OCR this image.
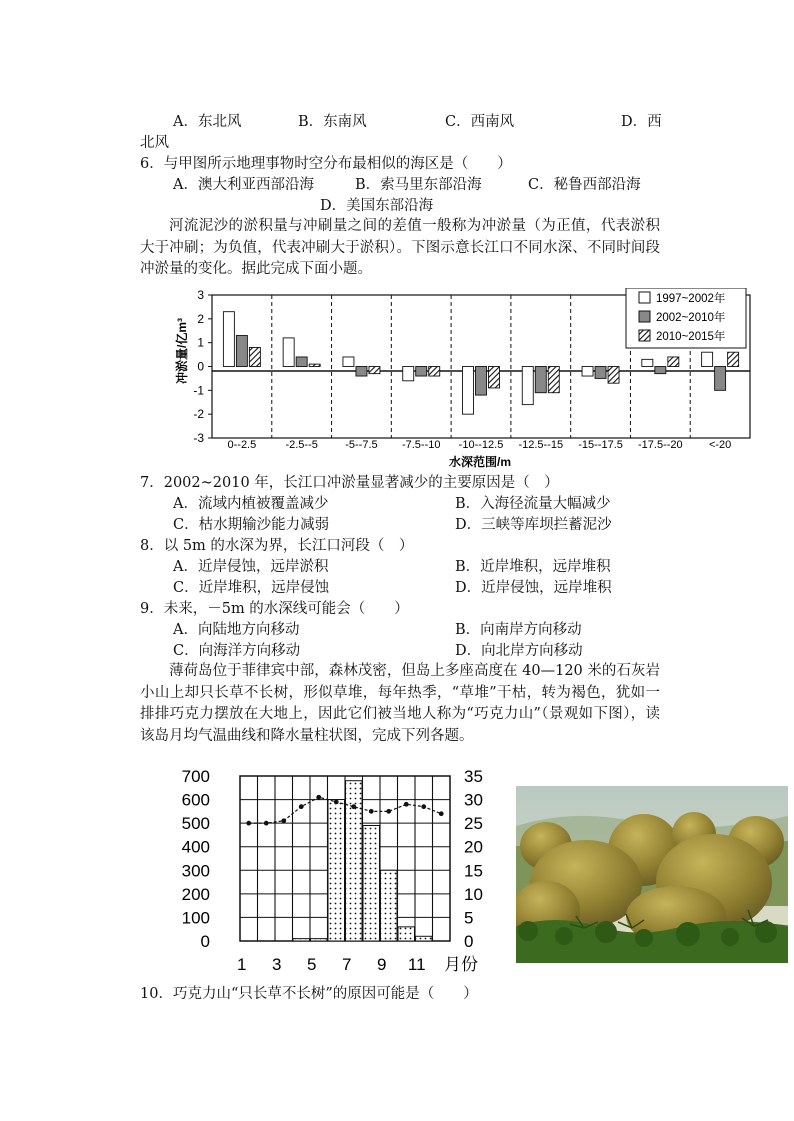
A．东北风	B．东南风	C．西南风	D．西
北风
6．与甲图所示地理事物时空分布最相似的海区是（　　）
A．澳大利亚西部沿海	B．索马里东部沿海	C．秘鲁西部沿海
D．美国东部沿海
河流泥沙的淤积量与冲刷量之间的差值一般称为冲淤量（为正值，代表淤积大于冲刷；为负值，代表冲刷大于淤积）。下图示意长江口不同水深、不同时间段冲淤量的变化。据此完成下面小题。
冲淤量/亿m³
3
2
1
0
-1
-2
-3 0--2.5	-2.5--5 -5--7.5 -7.5--10 -10--12.5 -12.5--15 -15--17.5 -17.5--20 <-20
1997~2002年
2002~2010年
2010~2015年
水深范围/m
7．2002~2010 年，长江口冲淤量显著减少的主要原因是（　）
A．流域内植被覆盖减少	B．入海径流量大幅减少
C．枯水期输沙能力减弱	D．三峡等库坝拦蓄泥沙
8．以 5m 的水深为界，长江口河段（　）
A．近岸侵蚀，远岸淤积	B．近岸堆积，远岸堆积
C．近岸堆积，远岸侵蚀	D．近岸侵蚀，远岸堆积
9．未来，－5m 的水深线可能会（　　）
A．向陆地方向移动	B．向南岸方向移动
C．向海洋方向移动	D．向北岸方向移动
薄荷岛位于菲律宾中部，森林茂密，但岛上多座高度在 40—120 米的石灰岩小山上却只长草不长树，形似草堆，每年热季，“草堆”干枯，转为褐色，犹如一排排巧克力摆放在大地上，因此它们被当地人称为“巧克力山”（景观如下图），读该岛月均气温曲线和降水量柱状图，完成下列各题。
700
600
500
400
300
200
100
0
35
30
25
20
15
10
5
0
1 3 5 7 9 11 月份
10．巧克力山“只长草不长树”的原因可能是（　　）
